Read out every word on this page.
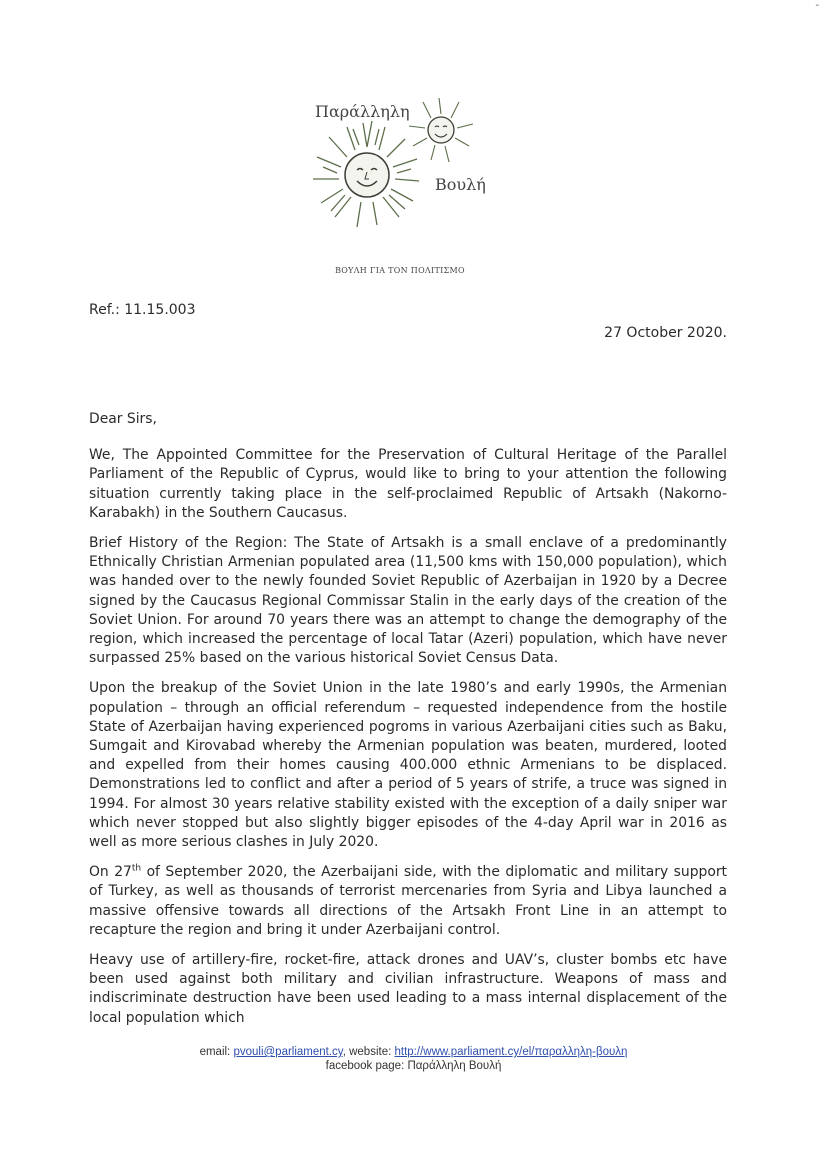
-
Παράλληλη
Βουλή
ΒΟΥΛΗ ΓΙΑ ΤΟΝ ΠΟΛΙΤΙΣΜΟ
Ref.: 11.15.003
27 October 2020.

Dear Sirs,

We, The Appointed Committee for the Preservation of Cultural Heritage of the Parallel Parliament of the Republic of Cyprus, would like to bring to your attention the following situation currently taking place in the self-proclaimed Republic of Artsakh (Nakorno-Karabakh) in the Southern Caucasus.

Brief History of the Region: The State of Artsakh is a small enclave of a predominantly Ethnically Christian Armenian populated area (11,500 kms with 150,000 population), which was handed over to the newly founded Soviet Republic of Azerbaijan in 1920 by a Decree signed by the Caucasus Regional Commissar Stalin in the early days of the creation of the Soviet Union. For around 70 years there was an attempt to change the demography of the region, which increased the percentage of local Tatar (Azeri) population, which have never surpassed 25% based on the various historical Soviet Census Data.

Upon the breakup of the Soviet Union in the late 1980’s and early 1990s, the Armenian population – through an official referendum – requested independence from the hostile State of Azerbaijan having experienced pogroms in various Azerbaijani cities such as Baku, Sumgait and Kirovabad whereby the Armenian population was beaten, murdered, looted and expelled from their homes causing 400.000 ethnic Armenians to be displaced. Demonstrations led to conflict and after a period of 5 years of strife, a truce was signed in 1994. For almost 30 years relative stability existed with the exception of a daily sniper war which never stopped but also slightly bigger episodes of the 4-day April war in 2016 as well as more serious clashes in July 2020.

On 27th of September 2020, the Azerbaijani side, with the diplomatic and military support of Turkey, as well as thousands of terrorist mercenaries from Syria and Libya launched a massive offensive towards all directions of the Artsakh Front Line in an attempt to recapture the region and bring it under Azerbaijani control.

Heavy use of artillery-fire, rocket-fire, attack drones and UAV’s, cluster bombs etc have been used against both military and civilian infrastructure. Weapons of mass and indiscriminate destruction have been used leading to a mass internal displacement of the local population which

email: pvouli@parliament.cy, website: http://www.parliament.cy/el/παραλληλη-βουλη
facebook page: Παράλληλη Βουλή
